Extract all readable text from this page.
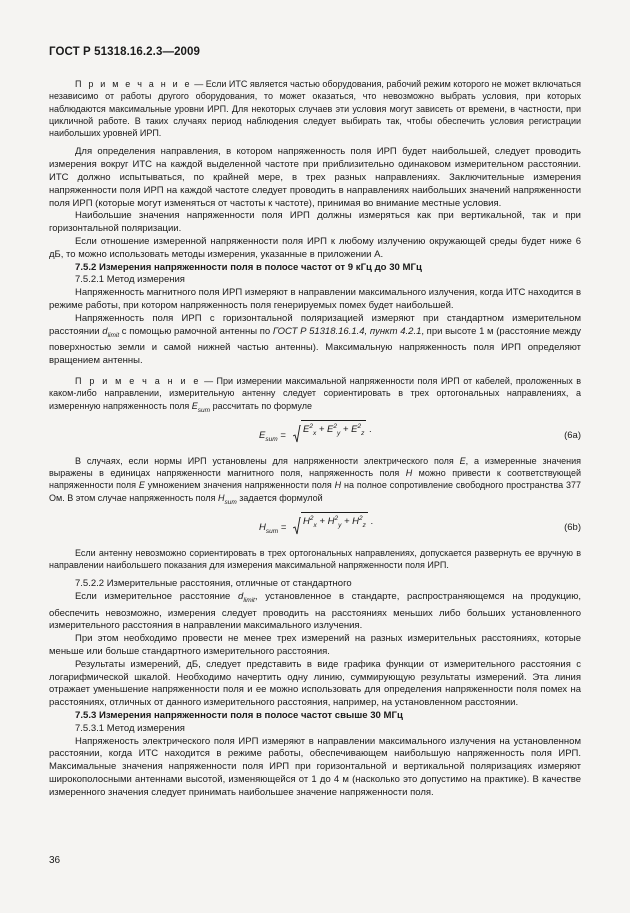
ГОСТ Р 51318.16.2.3—2009

П р и м е ч а н и е — Если ИТС является частью оборудования, рабочий режим которого не может включаться независимо от работы другого оборудования, то может оказаться, что невозможно выбрать условия, при которых наблюдаются максимальные уровни ИРП. Для некоторых случаев эти условия могут зависеть от времени, в частности, при цикличной работе. В таких случаях период наблюдения следует выбирать так, чтобы обеспечить условия регистрации наибольших уровней ИРП.

Для определения направления, в котором напряженность поля ИРП будет наибольшей, следует проводить измерения вокруг ИТС на каждой выделенной частоте при приблизительно одинаковом измерительном расстоянии. ИТС должно испытываться, по крайней мере, в трех разных направлениях. Заключительные измерения напряженности поля ИРП на каждой частоте следует проводить в направлениях наибольших значений напряженности поля ИРП (которые могут изменяться от частоты к частоте), принимая во внимание местные условия.

Наибольшие значения напряженности поля ИРП должны измеряться как при вертикальной, так и при горизонтальной поляризации.

Если отношение измеренной напряженности поля ИРП к любому излучению окружающей среды будет ниже 6 дБ, то можно использовать методы измерения, указанные в приложении А.

7.5.2 Измерения напряженности поля в полосе частот от 9 кГц до 30 МГц

7.5.2.1 Метод измерения

Напряженность магнитного поля ИРП измеряют в направлении максимального излучения, когда ИТС находится в режиме работы, при котором напряженность поля генерируемых помех будет наибольшей.

Напряженность поля ИРП с горизонтальной поляризацией измеряют при стандартном измерительном расстоянии $d_{limit}$ с помощью рамочной антенны по ГОСТ Р 51318.16.1.4, пункт 4.2.1, при высоте 1 м (расстояние между поверхностью земли и самой нижней частью антенны). Максимальную напряженность поля ИРП определяют вращением антенны.

П р и м е ч а н и е — При измерении максимальной напряженности поля ИРП от кабелей, проложенных в каком-либо направлении, измерительную антенну следует сориентировать в трех ортогональных направлениях, а измеренную напряженность поля $E_{sum}$ рассчитать по формуле

$E_{sum}$ =
$E^2_x + E^2_y + E^2_z$ .
(6a)

В случаях, если нормы ИРП установлены для напряженности электрического поля E, а измеренные значения выражены в единицах напряженности магнитного поля, напряженность поля H можно привести к соответствующей напряженности поля E умножением значения напряженности поля H на полное сопротивление свободного пространства 377 Ом. В этом случае напряженность поля $H_{sum}$ задается формулой

$H_{sum}$ =
$H^2_x + H^2_y + H^2_z$ .
(6b)

Если антенну невозможно сориентировать в трех ортогональных направлениях, допускается развернуть ее вручную в направлении наибольшего показания для измерения максимальной напряженности поля ИРП.

7.5.2.2 Измерительные расстояния, отличные от стандартного

Если измерительное расстояние $d_{limit}$, установленное в стандарте, распространяющемся на продукцию, обеспечить невозможно, измерения следует проводить на расстояниях меньших либо больших установленного измерительного расстояния в направлении максимального излучения.

При этом необходимо провести не менее трех измерений на разных измерительных расстояниях, которые меньше или больше стандартного измерительного расстояния.

Результаты измерений, дБ, следует представить в виде графика функции от измерительного расстояния с логарифмической шкалой. Необходимо начертить одну линию, суммирующую результаты измерений. Эта линия отражает уменьшение напряженности поля и ее можно использовать для определения напряженности поля помех на расстояниях, отличных от данного измерительного расстояния, например, на установленном расстоянии.

7.5.3 Измерения напряженности поля в полосе частот свыше 30 МГц

7.5.3.1 Метод измерения

Напряженость электрического поля ИРП измеряют в направлении максимального излучения на установленном расстоянии, когда ИТС находится в режиме работы, обеспечивающем наибольшую напряженность поля ИРП. Максимальные значения напряженности поля ИРП при горизонтальной и вертикальной поляризациях измеряют широкополосными антеннами высотой, изменяющейся от 1 до 4 м (насколько это допустимо на практике). В качестве измеренного значения следует принимать наибольшее значение напряженности поля.

36
